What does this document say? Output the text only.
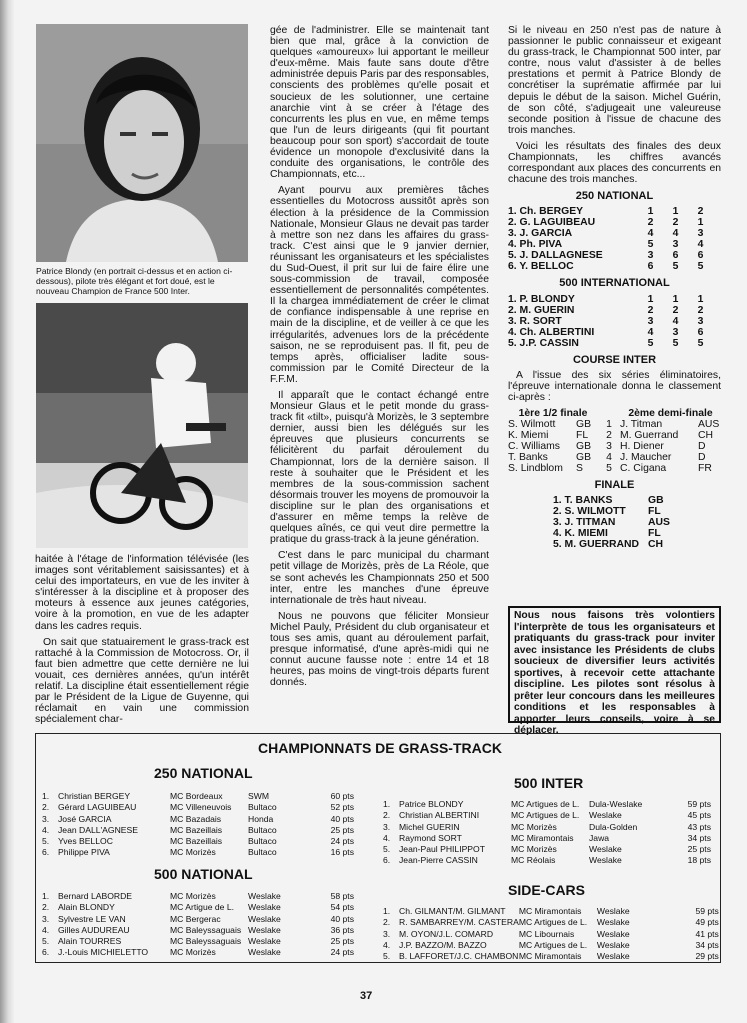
Patrice Blondy (en portrait ci-dessus et en action ci-dessous), pilote très élégant et fort doué, est le nouveau Champion de France 500 Inter.

haitée à l'étage de l'information télévisée (les images sont véritablement saisissantes) et à celui des importateurs, en vue de les inviter à s'intéresser à la discipline et à proposer des moteurs à essence aux jeunes catégories, voire à la promotion, en vue de les adapter dans les cadres requis.

On sait que statuairement le grass-track est rattaché à la Commission de Motocross. Or, il faut bien admettre que cette dernière ne lui vouait, ces dernières années, qu'un intérêt relatif. La discipline était essentiellement régie par le Président de la Ligue de Guyenne, qui réclamait en vain une commission spécialement char-

gée de l'administrer. Elle se maintenait tant bien que mal, grâce à la conviction de quelques «amoureux» lui apportant le meilleur d'eux-même. Mais faute sans doute d'être administrée depuis Paris par des responsables, conscients des problèmes qu'elle posait et soucieux de les solutionner, une certaine anarchie vint à se créer à l'étage des concurrents les plus en vue, en même temps que l'un de leurs dirigeants (qui fit pourtant beaucoup pour son sport) s'accordait de toute évidence un monopole d'exclusivité dans la conduite des organisations, le contrôle des Championnats, etc...

Ayant pourvu aux premières tâches essentielles du Motocross aussitôt après son élection à la présidence de la Commission Nationale, Monsieur Glaus ne devait pas tarder à mettre son nez dans les affaires du grass-track. C'est ainsi que le 9 janvier dernier, réunissant les organisateurs et les spécialistes du Sud-Ouest, il prit sur lui de faire élire une sous-commission de travail, composée essentiellement de personnalités compétentes. Il la chargea immédiatement de créer le climat de confiance indispensable à une reprise en main de la discipline, et de veiller à ce que les irrégularités, advenues lors de la précédente saison, ne se reproduisent pas. Il fit, peu de temps après, officialiser ladite sous-commission par le Comité Directeur de la F.F.M.

Il apparaît que le contact échangé entre Monsieur Glaus et le petit monde du grass-track fit «tilt», puisqu'à Morizès, le 3 septembre dernier, aussi bien les délégués sur les épreuves que plusieurs concurrents se félicitèrent du parfait déroulement du Championnat, lors de la dernière saison. Il reste à souhaiter que le Président et les membres de la sous-commission sachent désormais trouver les moyens de promouvoir la discipline sur le plan des organisations et d'assurer en même temps la relève de quelques aînés, ce qui veut dire permettre la pratique du grass-track à la jeune génération.

C'est dans le parc municipal du charmant petit village de Morizès, près de La Réole, que se sont achevés les Championnats 250 et 500 inter, entre les manches d'une épreuve internationale de très haut niveau.

Nous ne pouvons que féliciter Monsieur Michel Pauly, Président du club organisateur et tous ses amis, quant au déroulement parfait, presque informatisé, d'une après-midi qui ne connut aucune fausse note : entre 14 et 18 heures, pas moins de vingt-trois départs furent donnés.

Si le niveau en 250 n'est pas de nature à passionner le public connaisseur et exigeant du grass-track, le Championnat 500 inter, par contre, nous valut d'assister à de belles prestations et permit à Patrice Blondy de concrétiser la suprématie affirmée par lui depuis le début de la saison. Michel Guérin, de son côté, s'adjugeait une valeureuse seconde position à l'issue de chacune des trois manches.

Voici les résultats des finales des deux Championnats, les chiffres avancés correspondant aux places des concurrents en chacune des trois manches.

250 NATIONAL
1. Ch. BERGEY	1	1	2
2. G. LAGUIBEAU	2	2	1
3. J. GARCIA	4	4	3
4. Ph. PIVA	5	3	4
5. J. DALLAGNESE	3	6	6
6. Y. BELLOC	6	5	5
500 INTERNATIONAL
1. P. BLONDY	1	1	1
2. M. GUERIN	2	2	2
3. R. SORT	3	4	3
4. Ch. ALBERTINI	4	3	6
5. J.P. CASSIN	5	5	5
COURSE INTER

A l'issue des six séries éliminatoires, l'épreuve internationale donna le classement ci-après :

1ère 1/2 finale			2ème demi-finale	
S. Wilmott	GB	1	J. Titman	AUS
K. Miemi	FL	2	M. Guerrand	CH
C. Williams	GB	3	H. Diener	D
T. Banks	GB	4	J. Maucher	D
S. Lindblom	S	5	C. Cigana	FR
FINALE
1. T. BANKS	GB
2. S. WILMOTT	FL
3. J. TITMAN	AUS
4. K. MIEMI	FL
5. M. GUERRAND	CH
Nous nous faisons très volontiers l'interprète de tous les organisateurs et pratiquants du grass-track pour inviter avec insistance les Présidents de clubs soucieux de diversifier leurs activités sportives, à recevoir cette attachante discipline. Les pilotes sont résolus à prêter leur concours dans les meilleures conditions et les responsables à apporter leurs conseils, voire à se déplacer.
CHAMPIONNATS DE GRASS-TRACK
250 NATIONAL
1.	Christian BERGEY	MC Bordeaux	SWM	60 pts
2.	Gérard LAGUIBEAU	MC Villeneuvois	Bultaco	52 pts
3.	José GARCIA	MC Bazadais	Honda	40 pts
4.	Jean DALL'AGNESE	MC Bazeillais	Bultaco	25 pts
5.	Yves BELLOC	MC Bazeillais	Bultaco	24 pts
6.	Philippe PIVA	MC Morizès	Bultaco	16 pts
500 NATIONAL
1.	Bernard LABORDE	MC Morizès	Weslake	58 pts
2.	Alain BLONDY	MC Artigue de L.	Weslake	54 pts
3.	Sylvestre LE VAN	MC Bergerac	Weslake	40 pts
4.	Gilles AUDUREAU	MC Baleyssaguais	Weslake	36 pts
5.	Alain TOURRES	MC Baleyssaguais	Weslake	25 pts
6.	J.-Louis MICHIELETTO	MC Morizès	Weslake	24 pts
500 INTER
1.	Patrice BLONDY	MC Artigues de L.	Dula-Weslake	59 pts
2.	Christian ALBERTINI	MC Artigues de L.	Weslake	45 pts
3.	Michel GUERIN	MC Morizès	Dula-Golden	43 pts
4.	Raymond SORT	MC Miramontais	Jawa	34 pts
5.	Jean-Paul PHILIPPOT	MC Morizès	Weslake	25 pts
6.	Jean-Pierre CASSIN	MC Réolais	Weslake	18 pts
SIDE-CARS
1.	Ch. GILMANT/M. GILMANT	MC Miramontais	Weslake	59 pts
2.	R. SAMBARREY/M. CASTERA	MC Artigues de L.	Weslake	49 pts
3.	M. OYON/J.L. COMARD	MC Libournais	Weslake	41 pts
4.	J.P. BAZZO/M. BAZZO	MC Artigues de L.	Weslake	34 pts
5.	B. LAFFORET/J.C. CHAMBON	MC Miramontais	Weslake	29 pts
37
